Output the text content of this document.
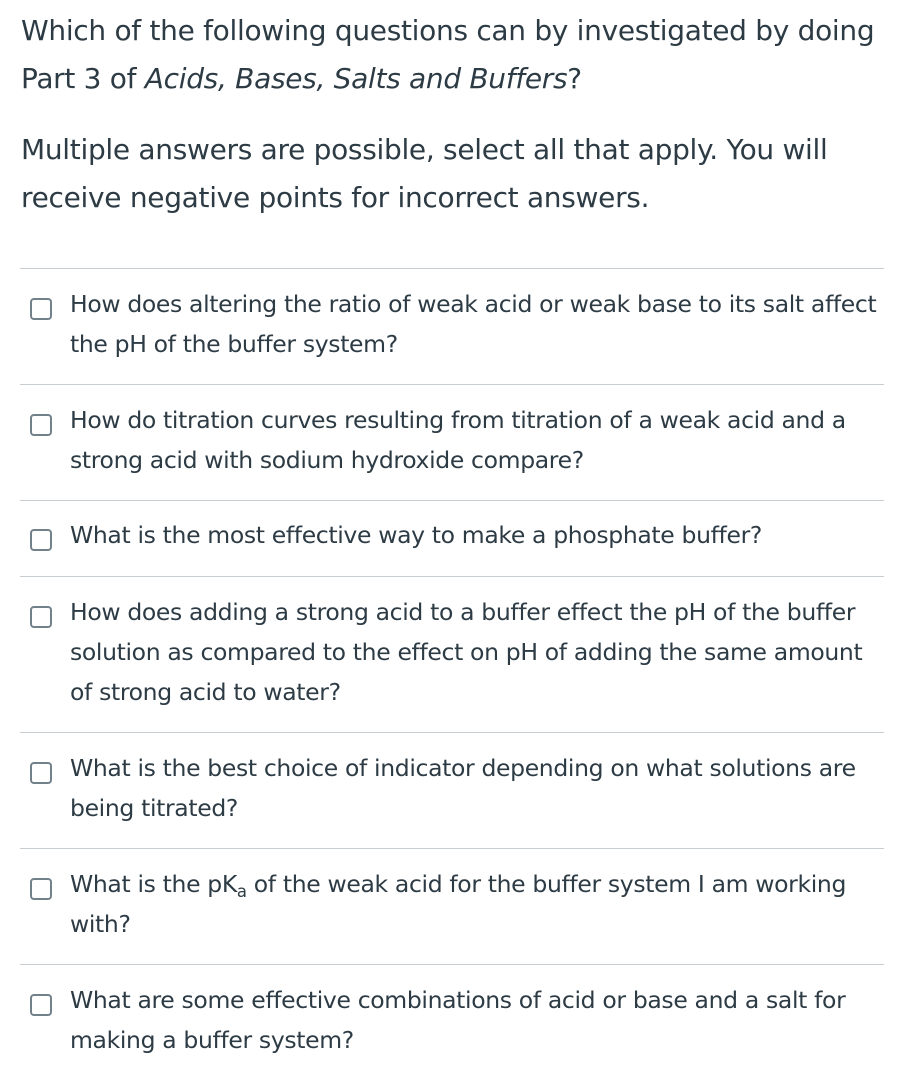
Which of the following questions can by investigated by doing Part 3 of Acids, Bases, Salts and Buffers?

Multiple answers are possible, select all that apply. You will receive negative points for incorrect answers.

How does altering the ratio of weak acid or weak base to its salt affect the pH of the buffer system?
How do titration curves resulting from titration of a weak acid and a strong acid with sodium hydroxide compare?
What is the most effective way to make a phosphate buffer?
How does adding a strong acid to a buffer effect the pH of the buffer solution as compared to the effect on pH of adding the same amount of strong acid to water?
What is the best choice of indicator depending on what solutions are being titrated?
What is the $pK_a$ of the weak acid for the buffer system I am working with?
What are some effective combinations of acid or base and a salt for making a buffer system?
